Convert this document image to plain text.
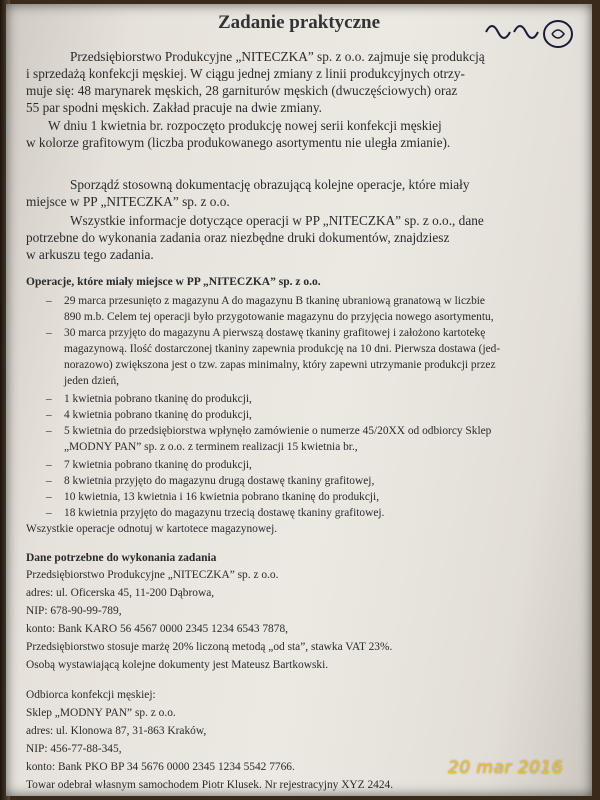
Zadanie praktyczne
Przedsiębiorstwo Produkcyjne „NITECZKA” sp. z o.o. zajmuje się produkcją
i sprzedażą konfekcji męskiej. W ciągu jednej zmiany z linii produkcyjnych otrzy-
muje się: 48 marynarek męskich, 28 garniturów męskich (dwuczęściowych) oraz
55 par spodni męskich. Zakład pracuje na dwie zmiany.
W dniu 1 kwietnia br. rozpoczęto produkcję nowej serii konfekcji męskiej
w kolorze grafitowym (liczba produkowanego asortymentu nie uległa zmianie).
Sporządź stosowną dokumentację obrazującą kolejne operacje, które miały
miejsce w PP „NITECZKA” sp. z o.o.
Wszystkie informacje dotyczące operacji w PP „NITECZKA” sp. z o.o., dane
potrzebne do wykonania zadania oraz niezbędne druki dokumentów, znajdziesz
w arkuszu tego zadania.
Operacje, które miały miejsce w PP „NITECZKA” sp. z o.o.
– 29 marca przesunięto z magazynu A do magazynu B tkaninę ubraniową granatową w liczbie
890 m.b. Celem tej operacji było przygotowanie magazynu do przyjęcia nowego asortymentu,
– 30 marca przyjęto do magazynu A pierwszą dostawę tkaniny grafitowej i założono kartotekę
magazynową. Ilość dostarczonej tkaniny zapewnia produkcję na 10 dni. Pierwsza dostawa (jed-
norazowo) zwiększona jest o tzw. zapas minimalny, który zapewni utrzymanie produkcji przez
jeden dzień,
– 1 kwietnia pobrano tkaninę do produkcji,
– 4 kwietnia pobrano tkaninę do produkcji,
– 5 kwietnia do przedsiębiorstwa wpłynęło zamówienie o numerze 45/20XX od odbiorcy Sklep
„MODNY PAN” sp. z o.o. z terminem realizacji 15 kwietnia br.,
– 7 kwietnia pobrano tkaninę do produkcji,
– 8 kwietnia przyjęto do magazynu drugą dostawę tkaniny grafitowej,
– 10 kwietnia, 13 kwietnia i 16 kwietnia pobrano tkaninę do produkcji,
– 18 kwietnia przyjęto do magazynu trzecią dostawę tkaniny grafitowej.
Wszystkie operacje odnotuj w kartotece magazynowej.
Dane potrzebne do wykonania zadania
Przedsiębiorstwo Produkcyjne „NITECZKA” sp. z o.o.
adres: ul. Oficerska 45, 11-200 Dąbrowa,
NIP: 678-90-99-789,
konto: Bank KARO 56 4567 0000 2345 1234 6543 7878,
Przedsiębiorstwo stosuje marżę 20% liczoną metodą „od sta”, stawka VAT 23%.
Osobą wystawiającą kolejne dokumenty jest Mateusz Bartkowski.
Odbiorca konfekcji męskiej:
Sklep „MODNY PAN” sp. z o.o.
adres: ul. Klonowa 87, 31-863 Kraków,
NIP: 456-77-88-345,
konto: Bank PKO BP 34 5676 0000 2345 1234 5542 7766.
Towar odebrał własnym samochodem Piotr Klusek. Nr rejestracyjny XYZ 2424.
20 mar 2016
